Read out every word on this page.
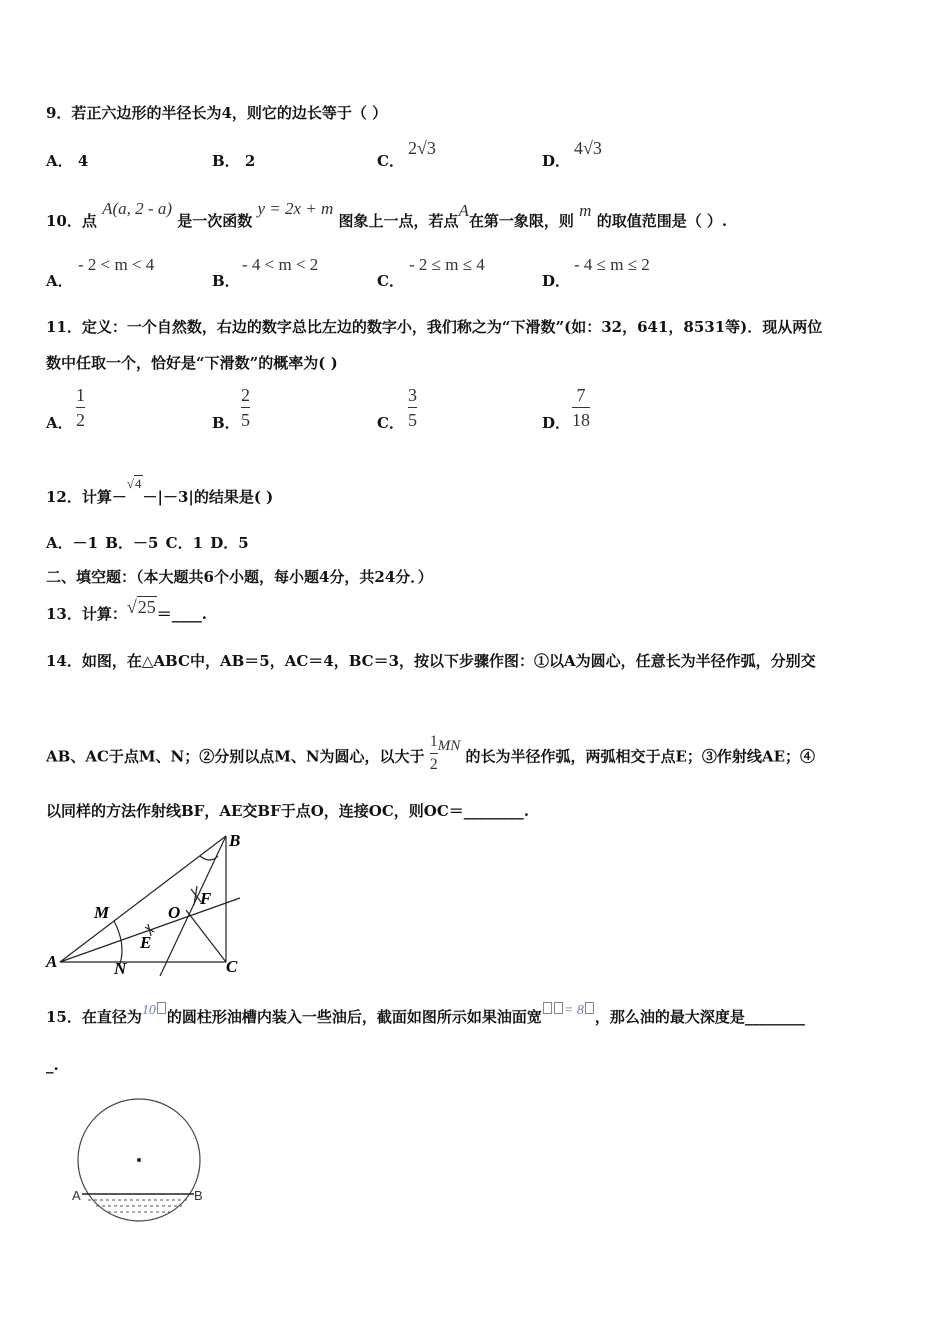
9．若正六边形的半径长为4，则它的边长等于（ ）
A． 4	B． 2	C．
2√3
D．
4√3
10．点 A(a, 2 - a) 是一次函数 y = 2x + m 图象上一点，若点A在第一象限，则 m 的取值范围是（ ）.
A．
- 2 < m < 4
B．
- 4 < m < 2
C．
- 2 ≤ m ≤ 4
D．
- 4 ≤ m ≤ 2
11．定义：一个自然数，右边的数字总比左边的数字小，我们称之为“下滑数”(如：32，641，8531等)．现从两位
数中任取一个，恰好是“下滑数”的概率为( )
A．
1
2	B．
2
5	C．
3
5	D．
7
18
12．计算－√4－|－3|的结果是( )
A．－1 B．－5 C．1 D．5
二、填空题：（本大题共6个小题，每小题4分，共24分．）
13．计算：√25＝____.
14．如图，在△ABC中，AB＝5，AC＝4，BC＝3，按以下步骤作图：①以A为圆心，任意长为半径作弧，分别交
AB、AC于点M、N；②分别以点M、N为圆心，以大于 $\frac{1}{2}$ MN 的长为半径作弧，两弧相交于点E；③作射线AE；④
以同样的方法作射线BF，AE交BF于点O，连接OC，则OC＝________.
A
B
C
M
N
O
E
F
15．在直径为10 的圆柱形油槽内装入一些油后，截面如图所示如果油面宽 = 8 ，那么油的最大深度是________
_.
A	B
